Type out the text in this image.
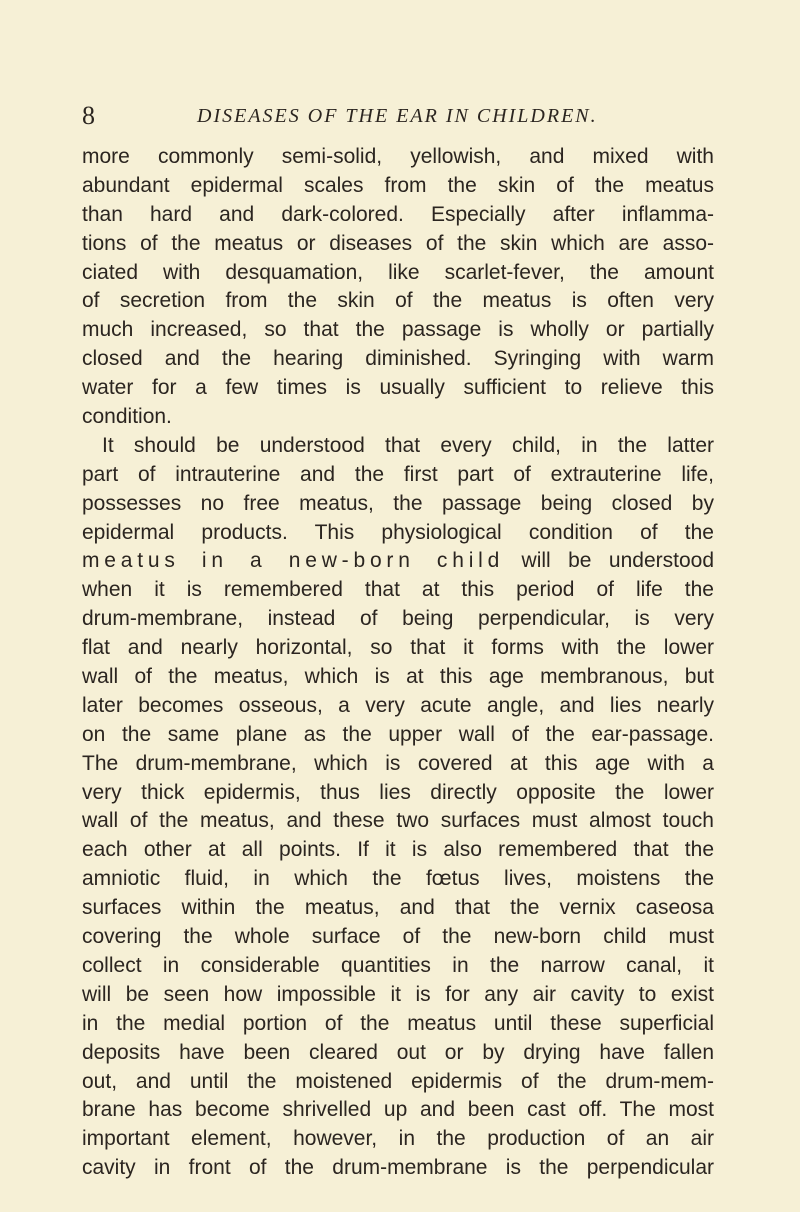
8	DISEASES OF THE EAR IN CHILDREN.
more commonly semi-solid, yellowish, and mixed with
abundant epidermal scales from the skin of the meatus
than hard and dark-colored. Especially after inflamma-
tions of the meatus or diseases of the skin which are asso-
ciated with desquamation, like scarlet-fever, the amount
of secretion from the skin of the meatus is often very
much increased, so that the passage is wholly or partially
closed and the hearing diminished. Syringing with warm
water for a few times is usually sufficient to relieve this
condition.
It should be understood that every child, in the latter
part of intrauterine and the first part of extrauterine life,
possesses no free meatus, the passage being closed by
epidermal products. This physiological condition of the
meatus in a new-born child will be understood
when it is remembered that at this period of life the
drum-membrane, instead of being perpendicular, is very
flat and nearly horizontal, so that it forms with the lower
wall of the meatus, which is at this age membranous, but
later becomes osseous, a very acute angle, and lies nearly
on the same plane as the upper wall of the ear-passage.
The drum-membrane, which is covered at this age with a
very thick epidermis, thus lies directly opposite the lower
wall of the meatus, and these two surfaces must almost touch
each other at all points. If it is also remembered that the
amniotic fluid, in which the fœtus lives, moistens the
surfaces within the meatus, and that the vernix caseosa
covering the whole surface of the new-born child must
collect in considerable quantities in the narrow canal, it
will be seen how impossible it is for any air cavity to exist
in the medial portion of the meatus until these superficial
deposits have been cleared out or by drying have fallen
out, and until the moistened epidermis of the drum-mem-
brane has become shrivelled up and been cast off. The most
important element, however, in the production of an air
cavity in front of the drum-membrane is the perpendicular
